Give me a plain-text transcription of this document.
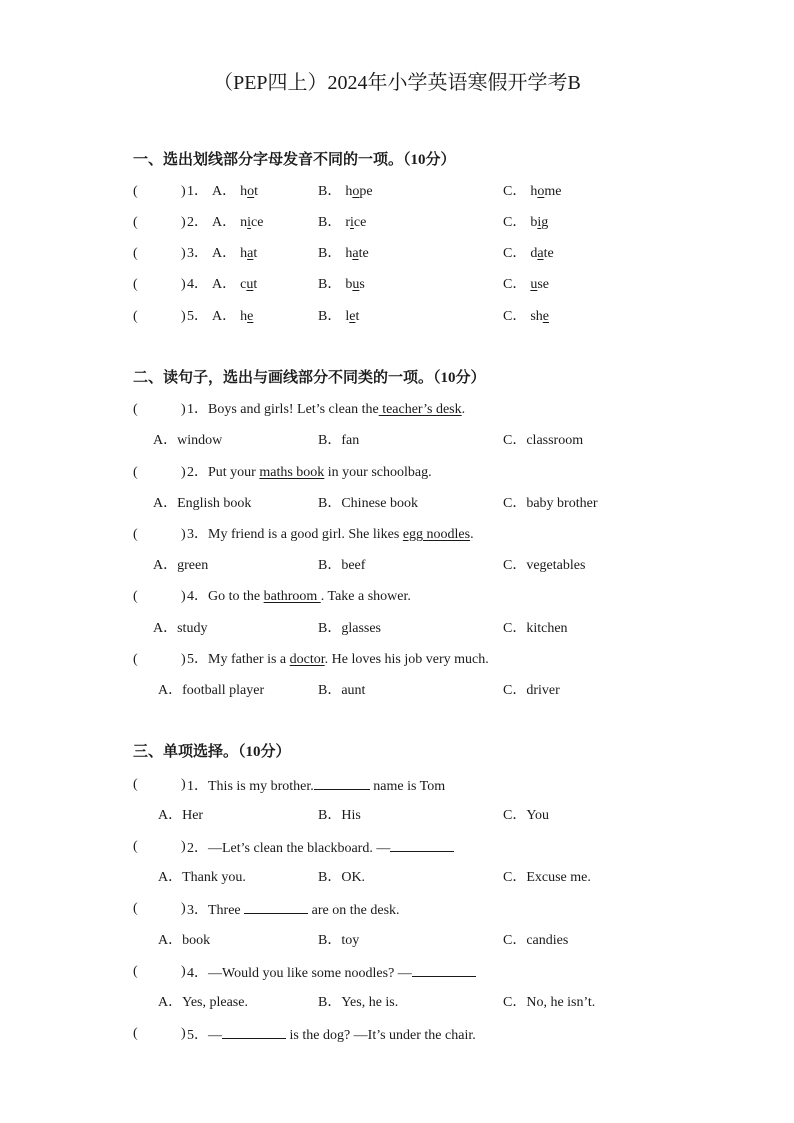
（PEP四上）2024年小学英语寒假开学考B
一、选出划线部分字母发音不同的一项。（10分）
(	) 1． A． hot	B． hope	C． home
(	) 2． A． nice	B． rice	C． big
(	) 3． A． hat	B． hate	C． date
(	) 4． A． cut	B． bus	C． use
(	) 5． A． he	B． let	C． she
二、读句子，选出与画线部分不同类的一项。（10分）
(	) 1．Boys and girls! Let’s clean the teacher’s desk.
A．window	B．fan	C．classroom
(	) 2．Put your maths book in your schoolbag.
A．English book	B．Chinese book	C．baby brother
(	) 3．My friend is a good girl. She likes egg noodles.
A．green	B．beef	C．vegetables
(	) 4．Go to the bathroom . Take a shower.
A．study	B．glasses	C．kitchen
(	) 5．My father is a doctor. He loves his job very much.
A．football player	B．aunt	C．driver
三、单项选择。（10分）
(	) 1．This is my brother.	name is Tom
A．Her	B．His	C．You
(	) 2．—Let’s clean the blackboard. —
A．Thank you.	B．OK.	C．Excuse me.
(	) 3．Three	are on the desk.
A．book	B．toy	C．candies
(	) 4．—Would you like some noodles? —
A．Yes, please.	B．Yes, he is.	C．No, he isn’t.
(	) 5．—	is the dog? —It’s under the chair.
